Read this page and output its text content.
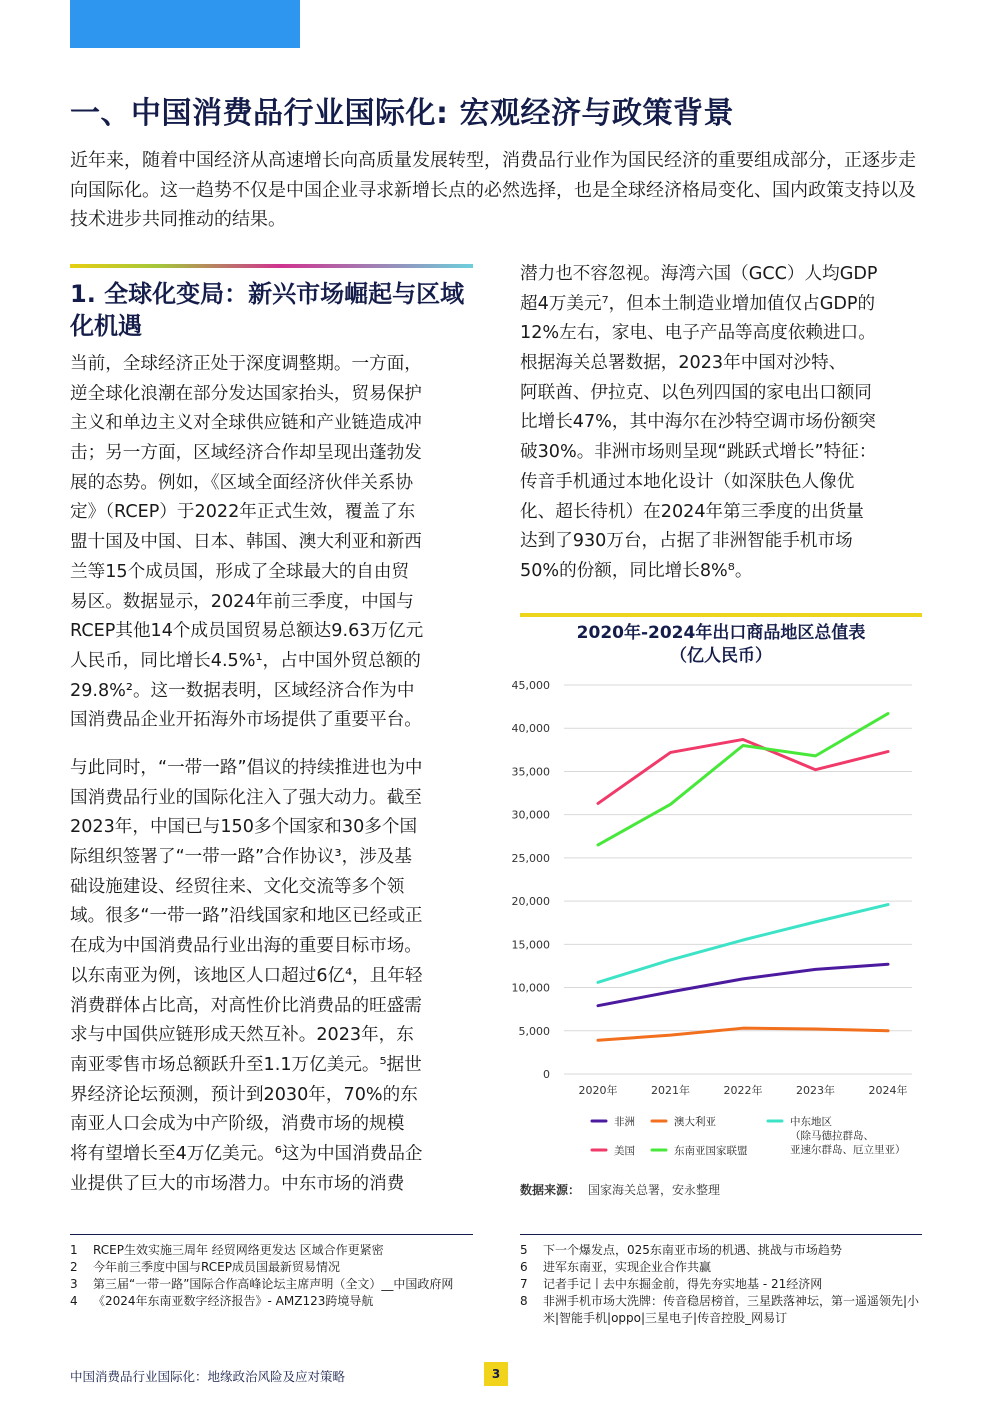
一、中国消费品行业国际化: 宏观经济与政策背景

近年来，随着中国经济从高速增长向高质量发展转型，消费品行业作为国民经济的重要组成部分，正逐步走向国际化。这一趋势不仅是中国企业寻求新增长点的必然选择，也是全球经济格局变化、国内政策支持以及技术进步共同推动的结果。

1. 全球化变局：新兴市场崛起与区域化机遇
当前，全球经济正处于深度调整期。一方面，
逆全球化浪潮在部分发达国家抬头，贸易保护
主义和单边主义对全球供应链和产业链造成冲
击；另一方面，区域经济合作却呈现出蓬勃发
展的态势。例如，《区域全面经济伙伴关系协
定》（RCEP）于2022年正式生效，覆盖了东
盟十国及中国、日本、韩国、澳大利亚和新西
兰等15个成员国，形成了全球最大的自由贸
易区。数据显示，2024年前三季度，中国与
RCEP其他14个成员国贸易总额达9.63万亿元
人民币，同比增长4.5%¹，占中国外贸总额的
29.8%²。这一数据表明，区域经济合作为中
国消费品企业开拓海外市场提供了重要平台。
与此同时，“一带一路”倡议的持续推进也为中
国消费品行业的国际化注入了强大动力。截至
2023年，中国已与150多个国家和30多个国
际组织签署了“一带一路”合作协议³，涉及基
础设施建设、经贸往来、文化交流等多个领
域。很多“一带一路”沿线国家和地区已经或正
在成为中国消费品行业出海的重要目标市场。
以东南亚为例，该地区人口超过6亿⁴，且年轻
消费群体占比高，对高性价比消费品的旺盛需
求与中国供应链形成天然互补。2023年，东
南亚零售市场总额跃升至1.1万亿美元。⁵据世
界经济论坛预测，预计到2030年，70%的东
南亚人口会成为中产阶级，消费市场的规模
将有望增长至4万亿美元。⁶这为中国消费品企
业提供了巨大的市场潜力。中东市场的消费
潜力也不容忽视。海湾六国（GCC）人均GDP
超4万美元⁷，但本土制造业增加值仅占GDP的
12%左右，家电、电子产品等高度依赖进口。
根据海关总署数据，2023年中国对沙特、
阿联酋、伊拉克、以色列四国的家电出口额同
比增长47%，其中海尔在沙特空调市场份额突
破30%。非洲市场则呈现“跳跃式增长”特征：
传音手机通过本地化设计（如深肤色人像优
化、超长待机）在2024年第三季度的出货量
达到了930万台，占据了非洲智能手机市场
50%的份额，同比增长8%⁸。
2020年-2024年出口商品地区总值表
（亿人民币）
0
5,000
10,000
15,000
20,000
25,000
30,000
35,000
40,000
45,000
2020年	2021年	2022年	2023年	2024年
非洲	澳大利亚	中东地区（除马德拉群岛、亚速尔群岛、厄立里亚）
美国	东南亚国家联盟
数据来源： 国家海关总署，安永整理
1	RCEP生效实施三周年 经贸网络更发达 区域合作更紧密
2	今年前三季度中国与RCEP成员国最新贸易情况
3	第三届“一带一路”国际合作高峰论坛主席声明（全文）__中国政府网
4	《2024年东南亚数字经济报告》- AMZ123跨境导航
5	下一个爆发点，025东南亚市场的机遇、挑战与市场趋势
6	进军东南亚，实现企业合作共赢
7	记者手记丨去中东掘金前，得先夯实地基 - 21经济网
8	非洲手机市场大洗牌：传音稳居榜首，三星跌落神坛，第一遥遥领先|小米|智能手机|oppo|三星电子|传音控股_网易订
中国消费品行业国际化：地缘政治风险及应对策略	3
